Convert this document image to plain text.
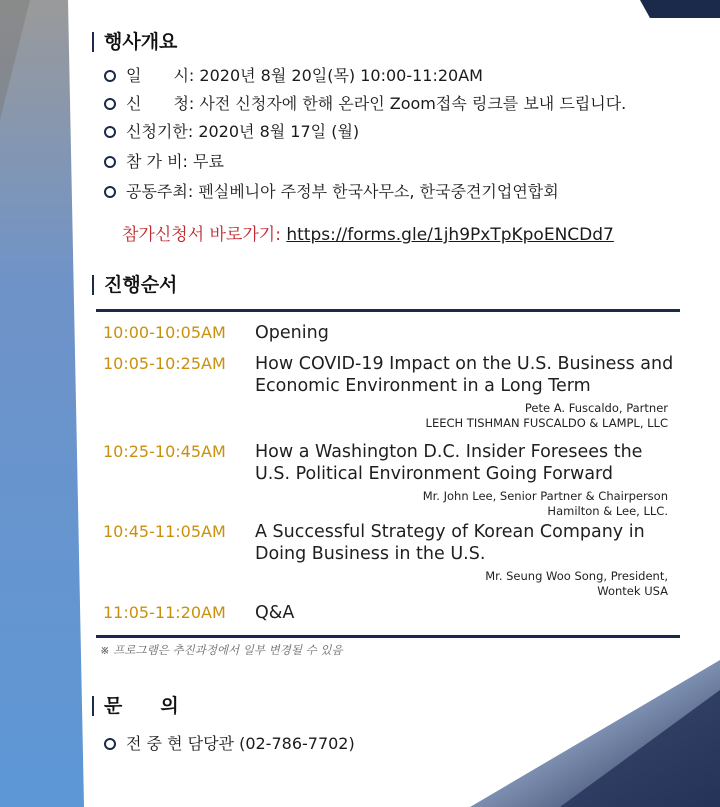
행사개요
일　　시: 2020년 8월 20일(목) 10:00-11:20AM
신　　청: 사전 신청자에 한해 온라인 Zoom접속 링크를 보내 드립니다.
신청기한: 2020년 8월 17일 (월)
참 가 비: 무료
공동주최: 펜실베니아 주정부 한국사무소, 한국중견기업연합회
참가신청서 바로가기: https://forms.gle/1jh9PxTpKpoENCDd7
진행순서
10:00-10:05AM Opening
10:05-10:25AM How COVID-19 Impact on the U.S. Business and Economic Environment in a Long Term
Pete A. Fuscaldo, Partner
LEECH TISHMAN FUSCALDO & LAMPL, LLC
10:25-10:45AM How a Washington D.C. Insider Foresees the U.S. Political Environment Going Forward
Mr. John Lee, Senior Partner & Chairperson
Hamilton & Lee, LLC.
10:45-11:05AM A Successful Strategy of Korean Company in Doing Business in the U.S.
Mr. Seung Woo Song, President,
Wontek USA
11:05-11:20AM Q&A
※ 프로그램은 추진과정에서 일부 변경될 수 있음
문　　의
전 중 현 담당관 (02-786-7702)
